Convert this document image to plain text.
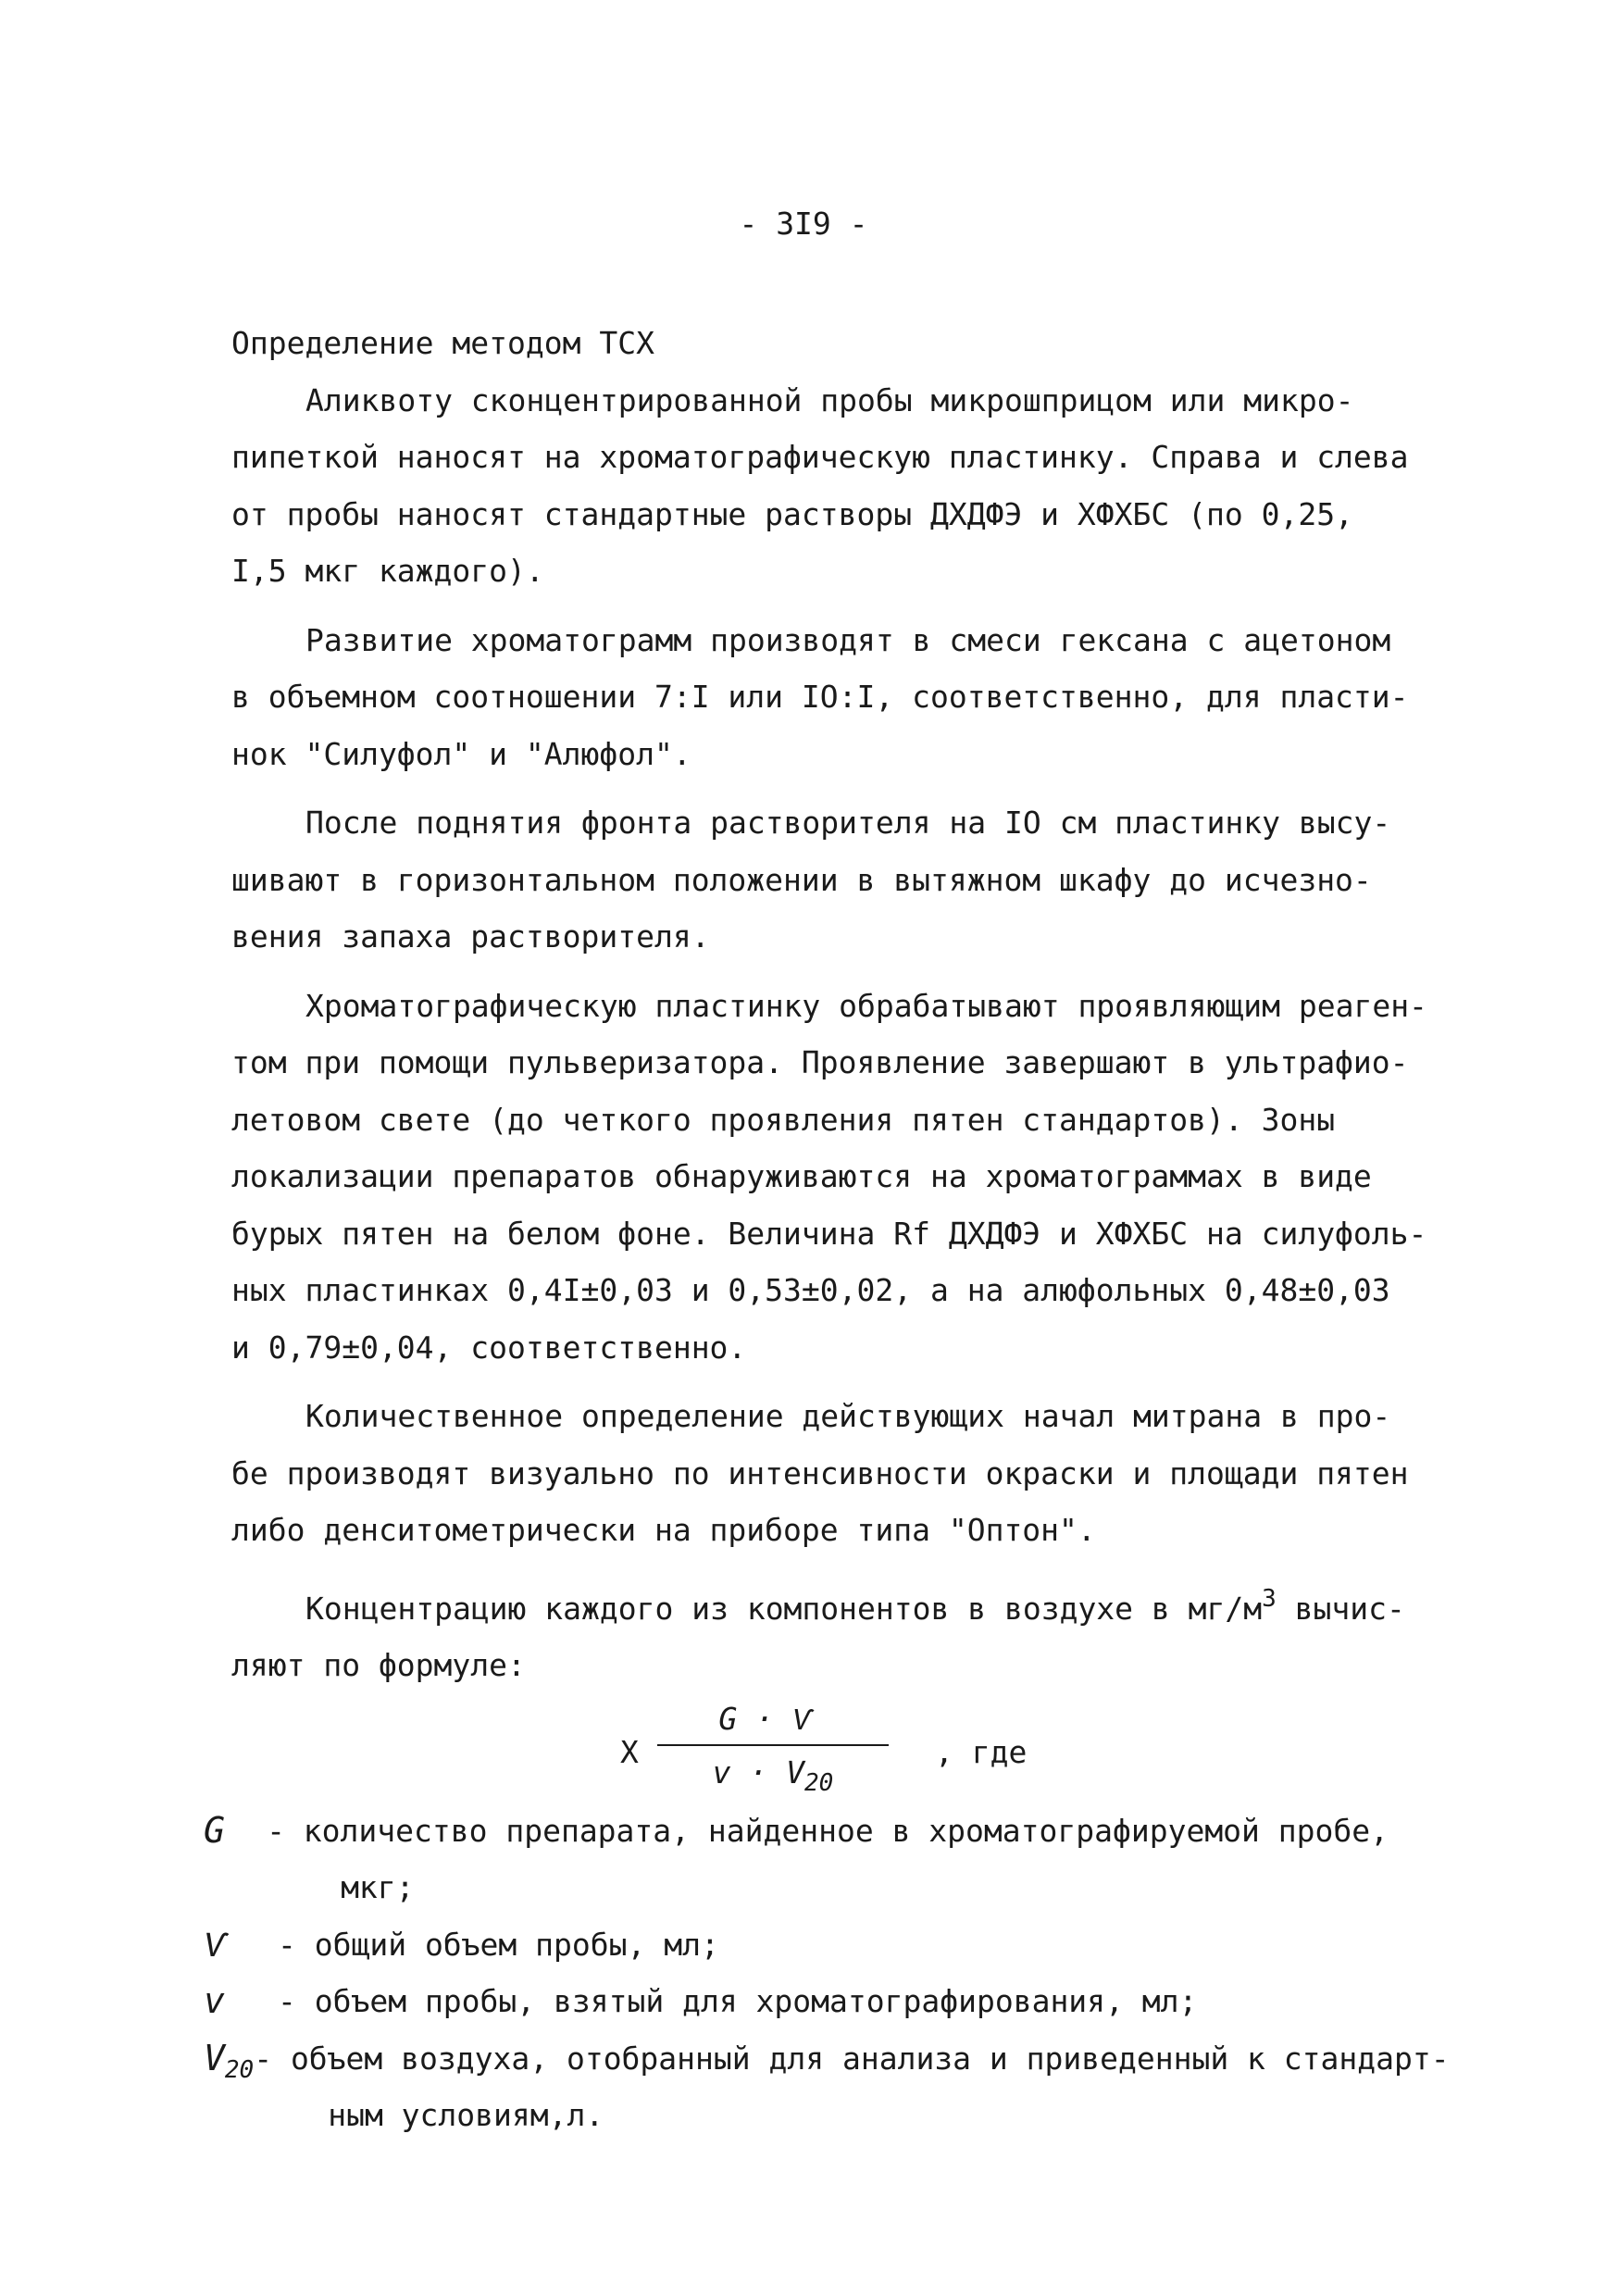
- 3I9 -
Определение методом ТСХ
Аликвоту сконцентрированной пробы микрошприцом или микро-
пипеткой наносят на хроматографическую пластинку. Справа и слева
от пробы наносят стандартные растворы ДХДФЭ и ХФХБС (по 0,25,
I,5 мкг каждого).
Развитие хроматограмм производят в смеси гексана с ацетоном
в объемном соотношении 7:I или IO:I, соответственно, для пласти-
нок "Силуфол" и "Алюфол".
После поднятия фронта растворителя на IO см пластинку высу-
шивают в горизонтальном положении в вытяжном шкафу до исчезно-
вения запаха растворителя.
Хроматографическую пластинку обрабатывают проявляющим реаген-
том при помощи пульверизатора. Проявление завершают в ультрафио-
летовом свете (до четкого проявления пятен стандартов). Зоны
локализации препаратов обнаруживаются на хроматограммах в виде
бурых пятен на белом фоне. Величина Rf ДХДФЭ и ХФХБС на силуфоль-
ных пластинках 0,4I±0,03 и 0,53±0,02, а на алюфольных 0,48±0,03
и 0,79±0,04, соответственно.
Количественное определение действующих начал митрана в про-
бе производят визуально по интенсивности окраски и площади пятен
либо денситометрически на приборе типа "Оптон".
Концентрацию каждого из компонентов в воздухе в $мг/м^3$ вычис-
ляют по формуле:
X
G · Ѵ
$v \cdot V_{20}$
, где
G	- количество препарата, найденное в хроматографируемой пробе,
мкг;
Ѵ	- общий объем пробы, мл;
v	- объем пробы, взятый для хроматографирования, мл;
$V_{20}$ - объем воздуха, отобранный для анализа и приведенный к стандарт-
ным условиям,л.
